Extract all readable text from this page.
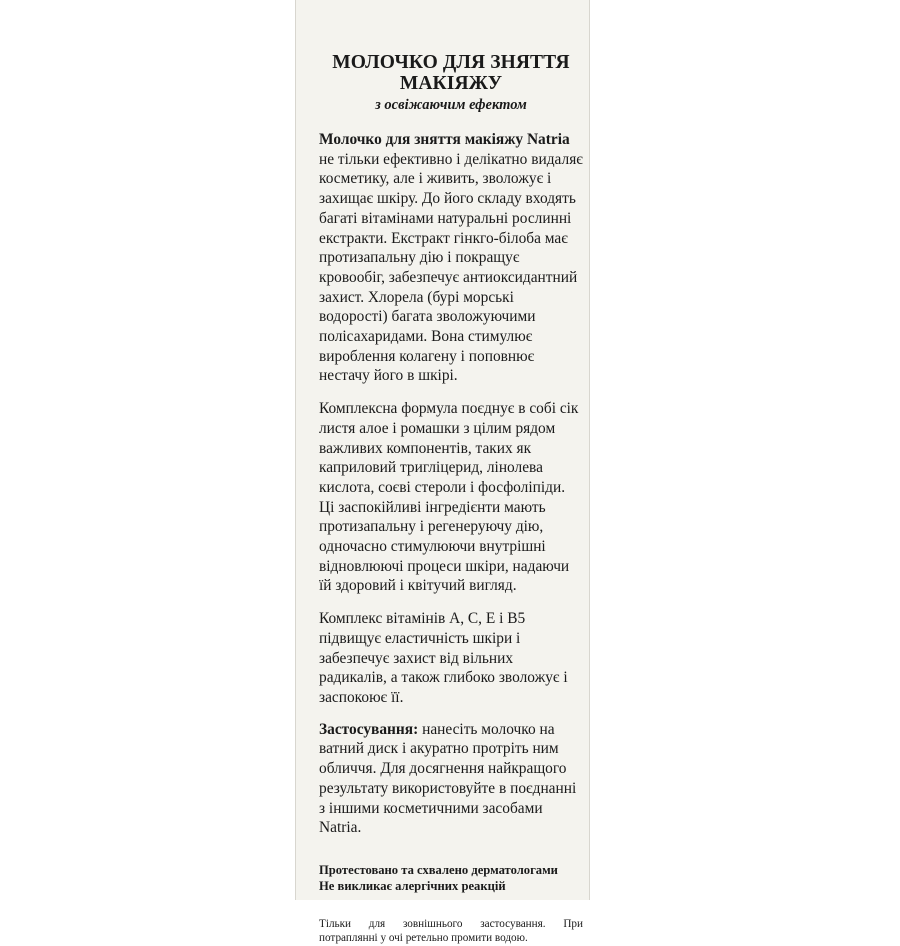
МОЛОЧКО ДЛЯ ЗНЯТТЯ МАКІЯЖУ

з освіжаючим ефектом

Молочко для зняття макіяжу Natria не тільки ефективно і делікатно видаляє косметику, але і живить, зволожує і захищає шкіру. До його складу входять багаті вітамінами натуральні рослинні екстракти. Екстракт гінкго-білоба має протизапальну дію і покращує кровообіг, забезпечує антиоксидантний захист. Хлорела (бурі морські водорості) багата зволожуючими полісахаридами. Вона стимулює вироблення колагену і поповнює нестачу його в шкірі.

Комплексна формула поєднує в собі сік листя алое і ромашки з цілим рядом важливих компонентів, таких як каприловий тригліцерид, лінолева кислота, соєві стероли і фосфоліпіди. Ці заспокійливі інгредієнти мають протизапальну і регенеруючу дію, одночасно стимулюючи внутрішні відновлюючі процеси шкіри, надаючи їй здоровий і квітучий вигляд.

Комплекс вітамінів А, С, Е і B5 підвищує еластичність шкіри і забезпечує захист від вільних радикалів, а також глибоко зволожує і заспокоює її.

Застосування: нанесіть молочко на ватний диск і акуратно протріть ним обличчя. Для досягнення найкращого результату використовуйте в поєднанні з іншими косметичними засобами Natria.

Протестовано та схвалено дерматологами
Не викликає алергічних реакцій

Тільки для зовнішнього застосування. При потраплянні у очі ретельно промити водою.
